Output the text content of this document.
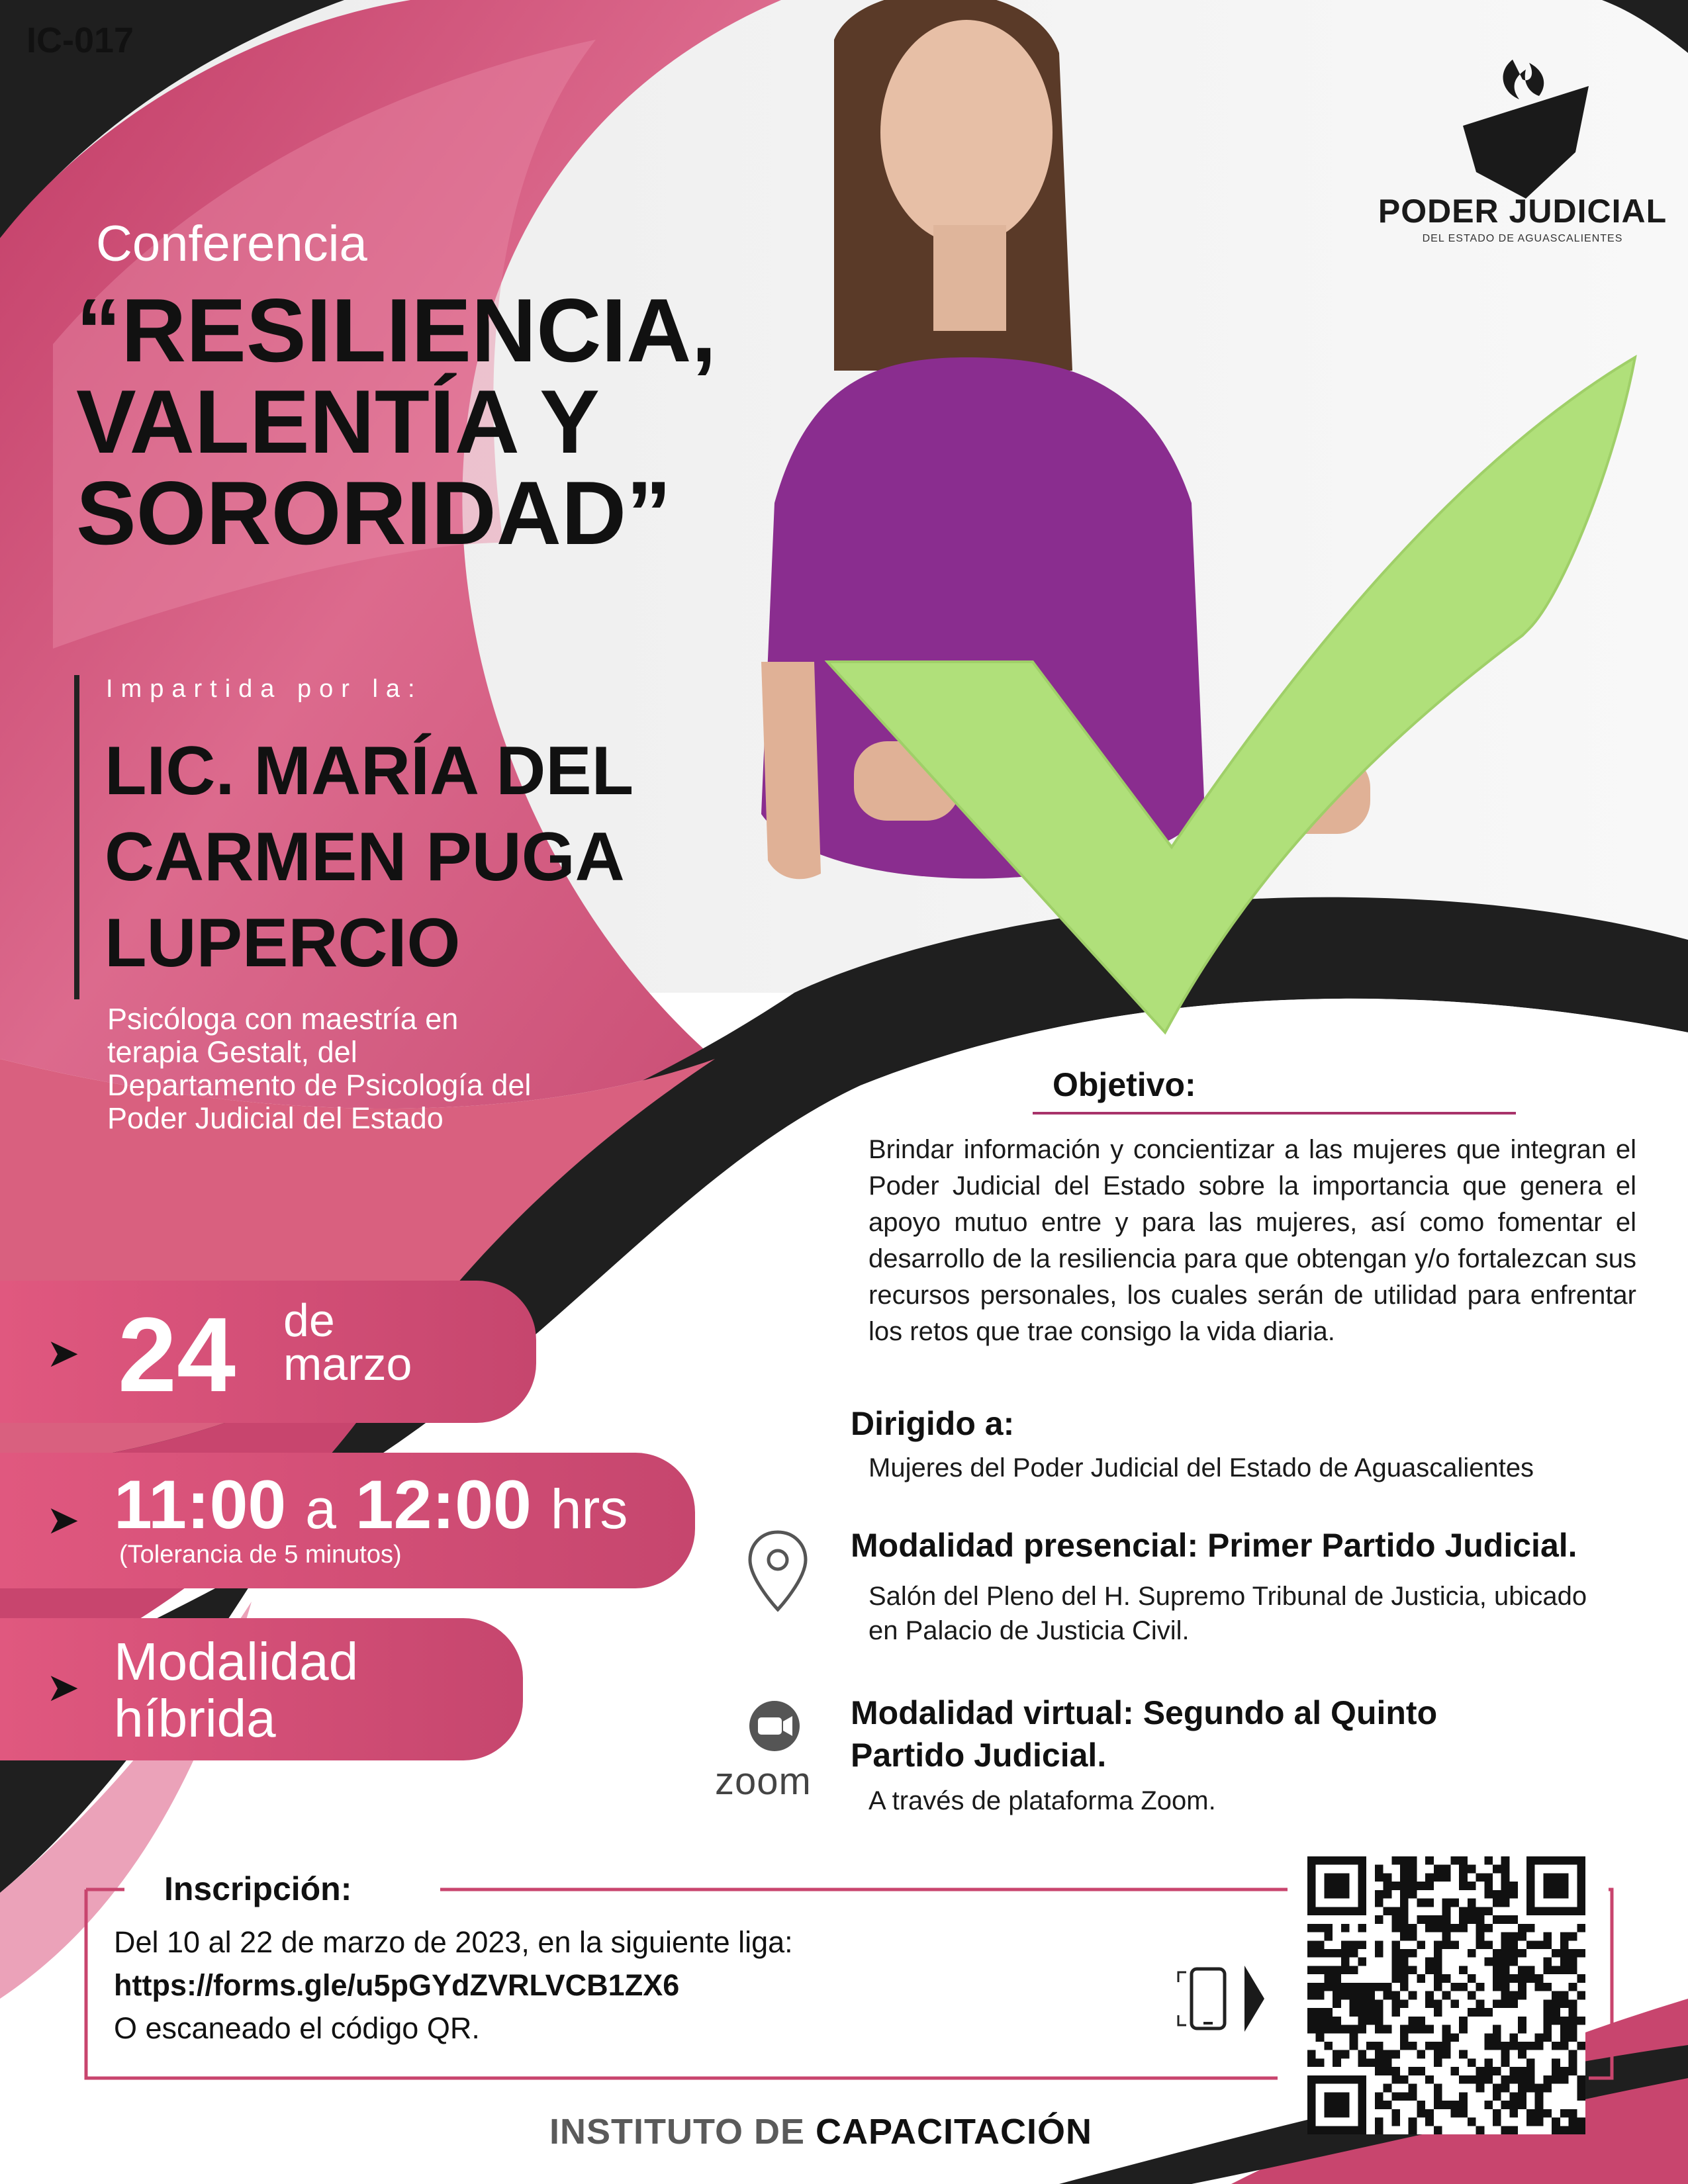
IC-017
PODER JUDICIAL
DEL ESTADO DE AGUASCALIENTES
Conferencia
“RESILIENCIA,
VALENTÍA Y
SORORIDAD”
Impartida por la:
LIC. MARÍA DEL
CARMEN PUGA
LUPERCIO
Psicóloga con maestría en
terapia Gestalt, del
Departamento de Psicología del
Poder Judicial del Estado
➤ 24 de
marzo
➤ 11:00 a 12:00 hrs
(Tolerancia de 5 minutos)
➤ Modalidad
híbrida
Objetivo:
Brindar información y concientizar a las mujeres que integran el Poder Judicial del Estado sobre la importancia que genera el apoyo mutuo entre y para las mujeres, así como fomentar el desarrollo de la resiliencia para que obtengan y/o fortalezcan sus recursos personales, los cuales serán de utilidad para enfrentar los retos que trae consigo la vida diaria.
Dirigido a:
Mujeres del Poder Judicial del Estado de Aguascalientes
Modalidad presencial: Primer Partido Judicial.
Salón del Pleno del H. Supremo Tribunal de Justicia, ubicado
en Palacio de Justicia Civil.
zoom
Modalidad virtual: Segundo al Quinto
Partido Judicial.
A través de plataforma Zoom.
Inscripción:
Del 10 al 22 de marzo de 2023, en la siguiente liga:
https://forms.gle/u5pGYdZVRLVCB1ZX6
O escaneado el código QR.
INSTITUTO DE CAPACITACIÓN
